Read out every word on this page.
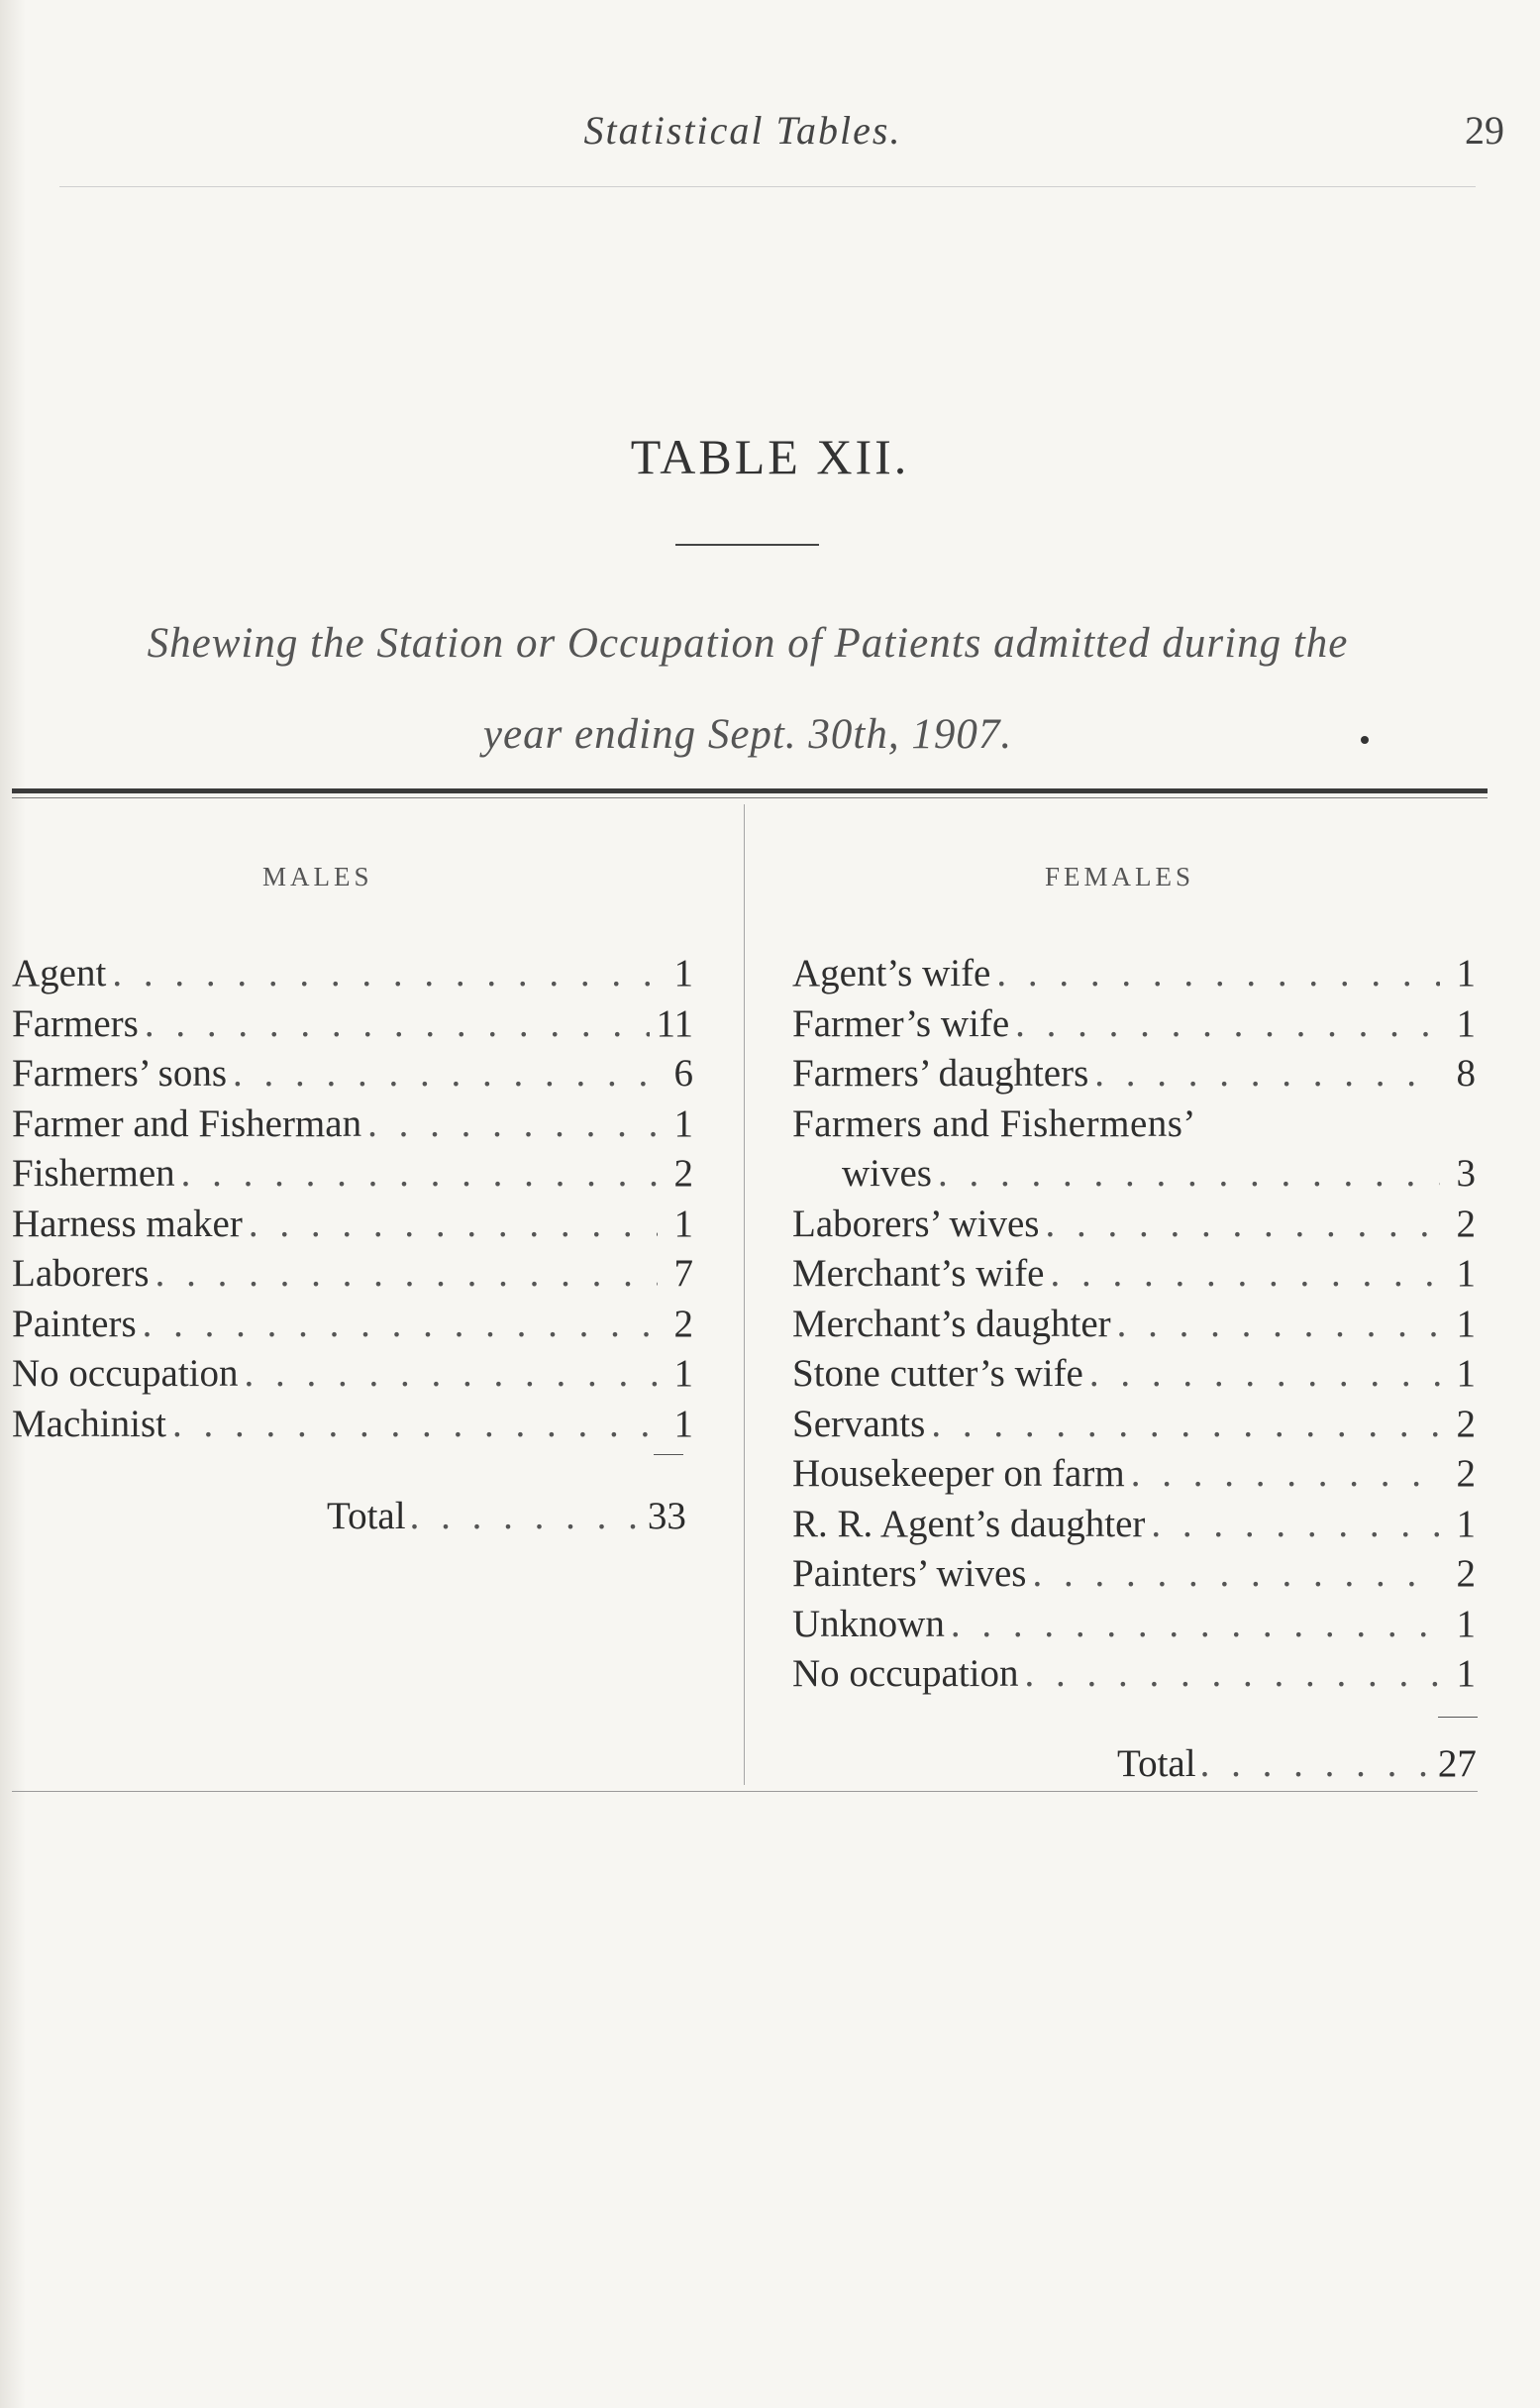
Statistical Tables.	29
TABLE XII.
Shewing the Station or Occupation of Patients admitted during the
year ending Sept. 30th, 1907.
MALES	FEMALES
Agent . . .	1
Farmers . . .	11
Farmers’ sons . . .	6
Farmer and Fisherman . . .	1
Fishermen . . .	2
Harness maker . . .	1
Laborers . . .	7
Painters . . .	2
No occupation . . .	1
Machinist . . .	1
Total . . . . . . . . 33
Agent’s wife . . .	1
Farmer’s wife . . .	1
Farmers’ daughters . . .	8
Farmers and Fishermens’
wives . . .	3
Laborers’ wives . . .	2
Merchant’s wife . . .	1
Merchant’s daughter . . .	1
Stone cutter’s wife . . .	1
Servants . . .	2
Housekeeper on farm . . .	2
R. R. Agent’s daughter . . .	1
Painters’ wives . . .	2
Unknown . . .	1
No occupation . . .	1
Total . . . . . . . . 27
